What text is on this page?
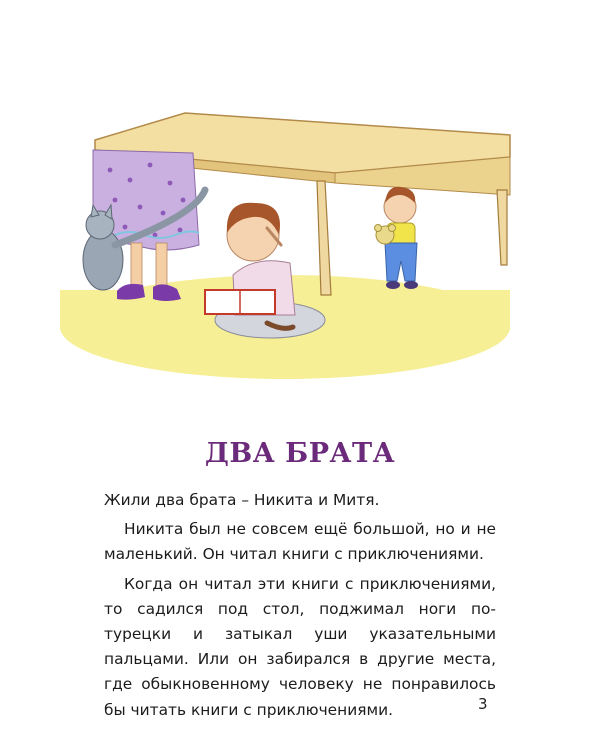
ДВА БРАТА

Жили два брата – Никита и Митя.

Никита был не совсем ещё большой, но и не маленький. Он читал книги с приключениями.

Когда он читал эти книги с приключениями, то садился под стол, поджимал ноги по-турецки и затыкал уши указательными пальцами. Или он забирался в другие места, где обыкновенному человеку не понравилось бы читать книги с приключениями.	3
